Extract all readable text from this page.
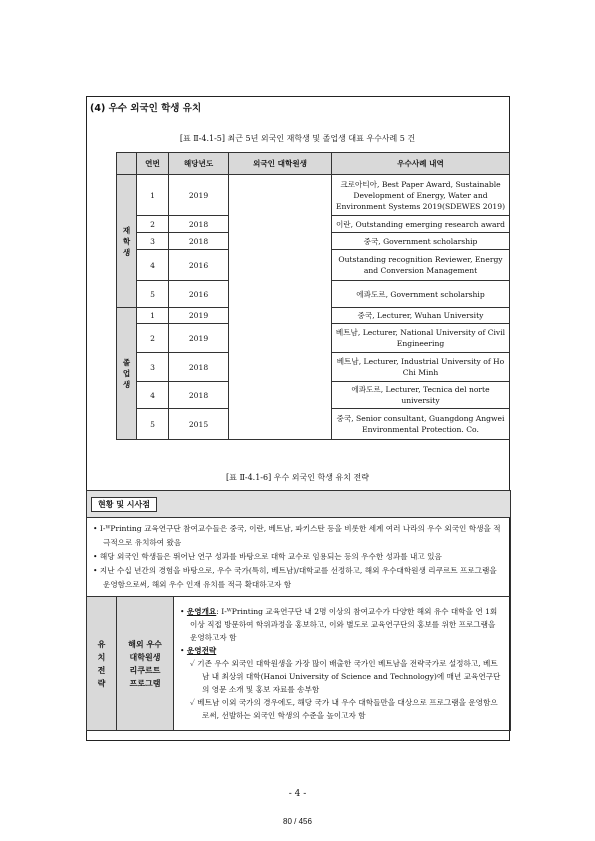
(4) 우수 외국인 학생 유치
[표 Ⅱ-4.1-5] 최근 5년 외국인 재학생 및 졸업생 대표 우수사례 5 건
	연번	해당년도	외국인 대학원생	우수사례 내역

재
학
생	1	2019		크로아티아, Best Paper Award, Sustainable Development of Energy, Water and Environment Systems 2019(SDEWES 2019)
	2	2018		이란, Outstanding emerging research award
	3	2018		중국, Government scholarship
	4	2016		Outstanding recognition Reviewer, Energy and Conversion Management
	5	2016		에콰도르, Government scholarship

졸
업
생	1	2019		중국, Lecturer, Wuhan University
	2	2019		베트남, Lecturer, National University of Civil Engineering
	3	2018		베트남, Lecturer, Industrial University of Ho Chi Minh
	4	2018		에콰도르, Lecturer, Tecnica del norte university
	5	2015		중국, Senior consultant, Guangdong Angwei Environmental Protection. Co.
[표 Ⅱ-4.1-6] 우수 외국인 학생 유치 전략
현황 및 시사점

• I-ᵂPrinting 교육연구단 참여교수들은 중국, 이란, 베트남, 파키스탄 등을 비롯한 세계 여러 나라의 우수 외국인 학생을 적극적으로 유치하여 왔음
• 해당 외국인 학생들은 뛰어난 연구 성과를 바탕으로 대학 교수로 임용되는 등의 우수한 성과를 내고 있음
• 지난 수십 년간의 경험을 바탕으로, 우수 국가(특히, 베트남)/대학교를 선정하고, 해외 우수대학원생 리쿠르트 프로그램을 운영함으로써, 해외 우수 인재 유치를 적극 확대하고자 함

유
치
전
략

해외 우수
대학원생
리쿠르트
프로그램

• 운영개요: I-ᵂPrinting 교육연구단 내 2명 이상의 참여교수가 다양한 해외 유수 대학을 연 1회 이상 직접 방문하여 학위과정을 홍보하고, 이와 별도로 교육연구단의 홍보를 위한 프로그램을 운영하고자 함
• 운영전략
✓ 기존 우수 외국인 대학원생을 가장 많이 배출한 국가인 베트남을 전략국가로 설정하고, 베트남 내 최상위 대학(Hanoi University of Science and Technology)에 매년 교육연구단의 영문 소개 및 홍보 자료를 송부함
✓ 베트남 이외 국가의 경우에도, 해당 국가 내 우수 대학들만을 대상으로 프로그램을 운영함으로써, 선발하는 외국인 학생의 수준을 높이고자 함
- 4 -
80 / 456
